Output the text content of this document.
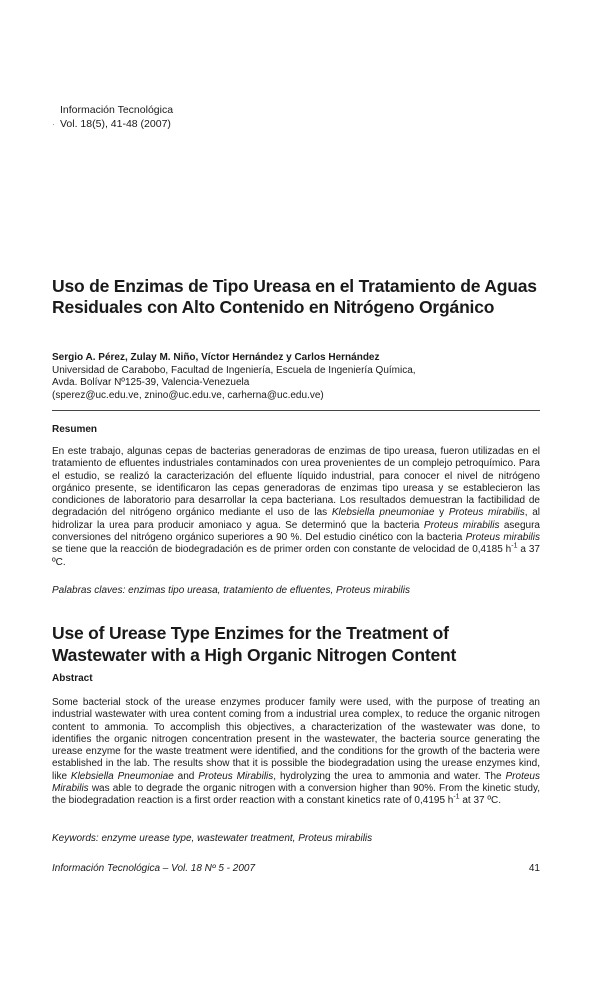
·
Información Tecnológica
Vol. 18(5), 41-48 (2007)
Uso de Enzimas de Tipo Ureasa en el Tratamiento de Aguas Residuales con Alto Contenido en Nitrógeno Orgánico
Sergio A. Pérez, Zulay M. Niño, Víctor Hernández y Carlos Hernández
Universidad de Carabobo, Facultad de Ingeniería, Escuela de Ingeniería Química,
Avda. Bolívar Nº125-39, Valencia-Venezuela
(sperez@uc.edu.ve, znino@uc.edu.ve, carherna@uc.edu.ve)
Resumen
En este trabajo, algunas cepas de bacterias generadoras de enzimas de tipo ureasa, fueron utilizadas en el tratamiento de efluentes industriales contaminados con urea provenientes de un complejo petroquímico. Para el estudio, se realizó la caracterización del efluente líquido industrial, para conocer el nivel de nitrógeno orgánico presente, se identificaron las cepas generadoras de enzimas tipo ureasa y se establecieron las condiciones de laboratorio para desarrollar la cepa bacteriana. Los resultados demuestran la factibilidad de degradación del nitrógeno orgánico mediante el uso de las Klebsiella pneumoniae y Proteus mirabilis, al hidrolizar la urea para producir amoniaco y agua. Se determinó que la bacteria Proteus mirabilis asegura conversiones del nitrógeno orgánico superiores a 90 %. Del estudio cinético con la bacteria Proteus mirabilis se tiene que la reacción de biodegradación es de primer orden con constante de velocidad de 0,4185 $h^{-1}$ a 37 ºC.
Palabras claves: enzimas tipo ureasa, tratamiento de efluentes, Proteus mirabilis
Use of Urease Type Enzimes for the Treatment of Wastewater with a High Organic Nitrogen Content
Abstract
Some bacterial stock of the urease enzymes producer family were used, with the purpose of treating an industrial wastewater with urea content coming from a industrial urea complex, to reduce the organic nitrogen content to ammonia. To accomplish this objectives, a characterization of the wastewater was done, to identifies the organic nitrogen concentration present in the wastewater, the bacteria source generating the urease enzyme for the waste treatment were identified, and the conditions for the growth of the bacteria were established in the lab. The results show that it is possible the biodegradation using the urease enzymes kind, like Klebsiella Pneumoniae and Proteus Mirabilis, hydrolyzing the urea to ammonia and water. The Proteus Mirabilis was able to degrade the organic nitrogen with a conversion higher than 90%. From the kinetic study, the biodegradation reaction is a first order reaction with a constant kinetics rate of 0,4195 $h^{-1}$ at 37 ºC.
Keywords: enzyme urease type, wastewater treatment, Proteus mirabilis
Información Tecnológica – Vol. 18 Nº 5 - 2007	41
